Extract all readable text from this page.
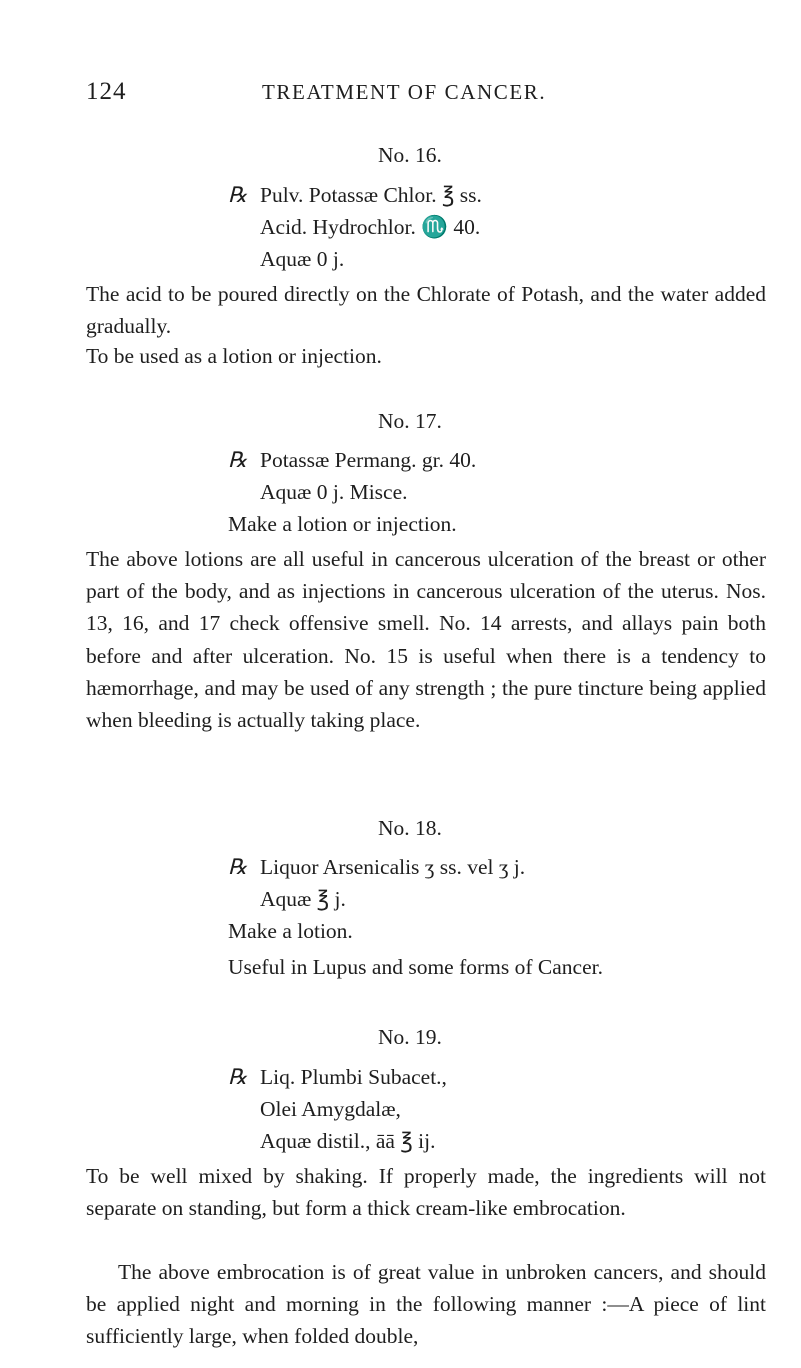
124	TREATMENT OF CANCER.
No. 16.
℞ Pulv. Potassæ Chlor. ℥ ss.
Acid. Hydrochlor. ♏ 40.
Aquæ 0 j.

The acid to be poured directly on the Chlorate of Potash, and the water added gradually.

To be used as a lotion or injection.
No. 17.
℞ Potassæ Permang. gr. 40.
Aquæ 0 j. Misce.
Make a lotion or injection.

The above lotions are all useful in cancerous ulceration of the breast or other part of the body, and as injections in cancerous ulceration of the uterus. Nos. 13, 16, and 17 check offensive smell. No. 14 arrests, and allays pain both before and after ulceration. No. 15 is useful when there is a tendency to hæmorrhage, and may be used of any strength ; the pure tincture being applied when bleeding is actually taking place.

No. 18.
℞ Liquor Arsenicalis ʒ ss. vel ʒ j.
Aquæ ℥ j.
Make a lotion.
Useful in Lupus and some forms of Cancer.
No. 19.
℞ Liq. Plumbi Subacet.,
Olei Amygdalæ,
Aquæ distil., āā ℥ ij.

To be well mixed by shaking. If properly made, the ingredients will not separate on standing, but form a thick cream-like embrocation.

The above embrocation is of great value in unbroken cancers, and should be applied night and morning in the following manner :—A piece of lint sufficiently large, when folded double,
